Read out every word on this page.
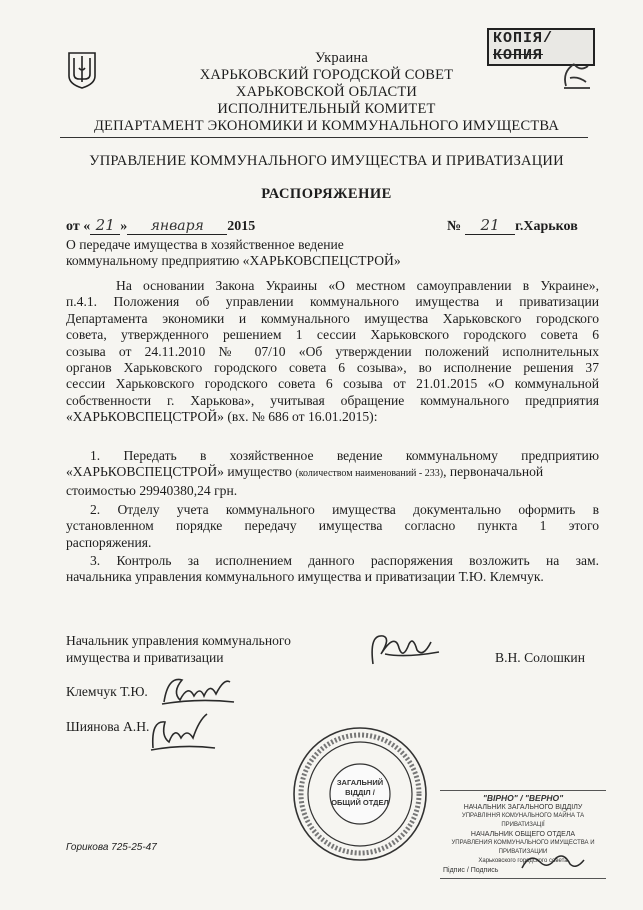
КОПІЯ/
КОПИЯ
Украина
ХАРЬКОВСКИЙ ГОРОДСКОЙ СОВЕТ
ХАРЬКОВСКОЙ ОБЛАСТИ
ИСПОЛНИТЕЛЬНЫЙ КОМИТЕТ
ДЕПАРТАМЕНТ ЭКОНОМИКИ И КОММУНАЛЬНОГО ИМУЩЕСТВА
УПРАВЛЕНИЕ КОММУНАЛЬНОГО ИМУЩЕСТВА И ПРИВАТИЗАЦИИ
РАСПОРЯЖЕНИЕ
от « 21 » января 2015	№ 21 г.Харьков
О передаче имущества в хозяйственное ведение
коммунальному предприятию «ХАРЬКОВСПЕЦСТРОЙ»
На основании Закона Украины «О местном самоуправлении в Украине»,
п.4.1. Положения об управлении коммунального имущества и приватизации
Департамента экономики и коммунального имущества Харьковского городского
совета, утвержденного решением 1 сессии Харьковского городского совета 6
созыва от 24.11.2010 № 07/10 «Об утверждении положений исполнительных
органов Харьковского городского совета 6 созыва», во исполнение решения 37
сессии Харьковского городского совета 6 созыва от 21.01.2015 «О коммунальной
собственности г. Харькова», учитывая обращение коммунального предприятия
«ХАРЬКОВСПЕЦСТРОЙ» (вх. № 686 от 16.01.2015):
1. Передать в хозяйственное ведение коммунальному предприятию
«ХАРЬКОВСПЕЦСТРОЙ» имущество (количеством наименований - 233), первоначальной
стоимостью 29940380,24 грн.
2. Отделу учета коммунального имущества документально оформить в
установленном порядке передачу имущества согласно пункта 1 этого
распоряжения.
3. Контроль за исполнением данного распоряжения возложить на зам.
начальника управления коммунального имущества и приватизации Т.Ю. Клемчук.
Начальник управления коммунального
имущества и приватизации	В.Н. Солошкин
Клемчук Т.Ю.
Шиянова А.Н.
Горикова 725-25-47
ЗАГАЛЬНИЙ
ВІДДІЛ /
ОБЩИЙ ОТДЕЛ	"ВІРНО" / "ВЕРНО"
НАЧАЛЬНИК ЗАГАЛЬНОГО ВІДДІЛУ
УПРАВЛІННЯ КОМУНАЛЬНОГО МАЙНА ТА ПРИВАТИЗАЦІЇ
НАЧАЛЬНИК ОБЩЕГО ОТДЕЛА
УПРАВЛЕНИЯ КОММУНАЛЬНОГО ИМУЩЕСТВА И ПРИВАТИЗАЦИИ
Харьковского городского совета
Підпис / Подпись
